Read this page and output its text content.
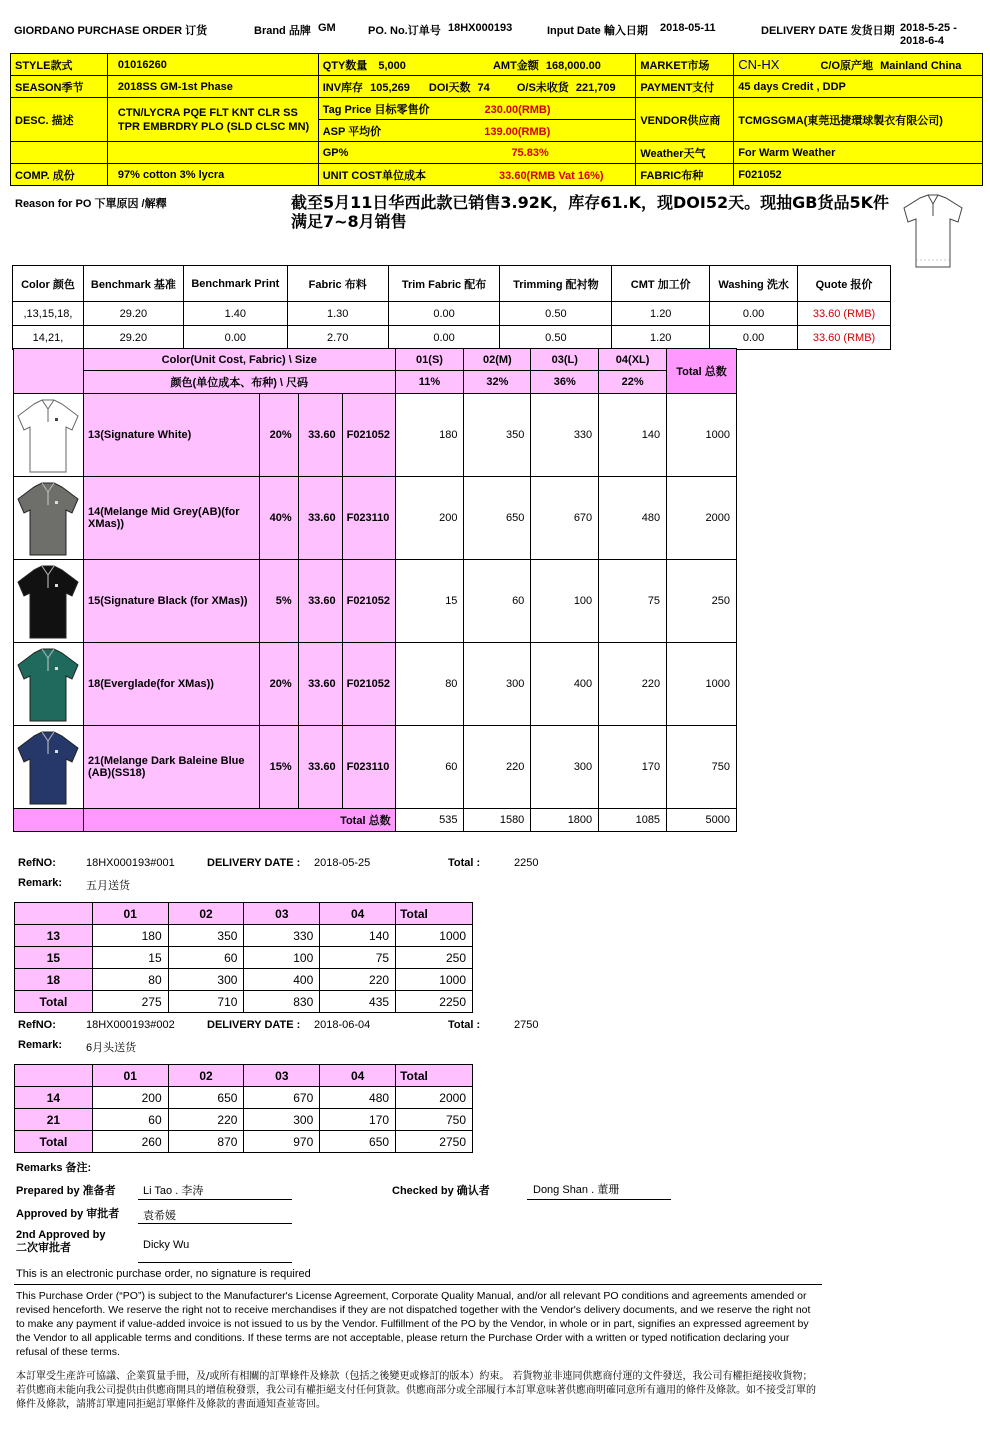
GIORDANO PURCHASE ORDER 订货	Brand 品牌 GM	PO. No.订单号 18HX000193	Input Date 輸入日期 2018-05-11	DELIVERY DATE 发货日期 2018-5-25 -
2018-6-4
STYLE款式	01016260	QTY数量 5,000 AMT金额 168,000.00	MARKET市场	CN-HX C/O原产地 Mainland China
SEASON季节	2018SS GM-1st Phase	INV库存 105,269 DOI天数 74 O/S未收货 221,709	PAYMENT支付	45 days Credit , DDP
DESC. 描述	CTN/LYCRA PQE FLT KNT CLR SS TPR EMBRDRY PLO (SLD CLSC MN)	Tag Price 目标零售价 230.00(RMB)	VENDOR供应商	TCMGSGMA(東莞迅捷環球製衣有限公司)
		ASP 平均价 139.00(RMB)		
		GP% 75.83%	Weather天气	For Warm Weather
COMP. 成份	97% cotton 3% lycra	UNIT COST单位成本 33.60(RMB Vat 16%)	FABRIC布种	F021052
Reason for PO 下單原因 /解釋	截至5月11日华西此款已销售3.92K，库存61.K，现DOI52天。现抽GB货品5K件
满足7~8月销售
Color 颜色	Benchmark 基准	Benchmark Print	Fabric 布料	Trim Fabric 配布	Trimming 配衬物	CMT 加工价	Washing 洗水	Quote 报价
,13,15,18,	29.20	1.40	1.30	0.00	0.50	1.20	0.00	33.60 (RMB)
14,21,	29.20	0.00	2.70	0.00	0.50	1.20	0.00	33.60 (RMB)
	Color(Unit Cost, Fabric) \ Size				01(S)	02(M)	03(L)	04(XL)	Total 总数
	颜色(单位成本、布种) \ 尺码				11%	32%	36%	22%	

	13(Signature White)	20%	33.60	F021052	180	350	330	140	1000

	14(Melange Mid Grey(AB)(for XMas))	40%	33.60	F023110	200	650	670	480	2000

	15(Signature Black (for XMas))	5%	33.60	F021052	15	60	100	75	250

	18(Everglade(for XMas))	20%	33.60	F021052	80	300	400	220	1000

	21(Melange Dark Baleine Blue (AB)(SS18)	15%	33.60	F023110	60	220	300	170	750
	Total 总数				535	1580	1800	1085	5000
RefNO:	18HX000193#001	DELIVERY DATE : 2018-05-25	Total :	2250
Remark: 五月送货
	01	02	03	04	Total
13	180	350	330	140	1000
15	15	60	100	75	250
18	80	300	400	220	1000
Total	275	710	830	435	2250
RefNO:	18HX000193#002	DELIVERY DATE : 2018-06-04	Total :	2750
Remark: 6月头送货
	01	02	03	04	Total
14	200	650	670	480	2000
21	60	220	300	170	750
Total	260	870	970	650	2750
Remarks 备注:
Prepared by 准备者 Li Tao . 李涛	Checked by 确认者	Dong Shan . 董珊
Approved by 审批者 袁希媛
2nd Approved by
二次审批者	Dicky Wu
This is an electronic purchase order, no signature is required
This Purchase Order (“PO”) is subject to the Manufacturer's License Agreement, Corporate Quality Manual, and/or all relevant PO conditions and agreements amended or revised henceforth. We reserve the right not to receive merchandises if they are not dispatched together with the Vendor's delivery documents, and we reserve the right not to make any payment if value-added invoice is not issued to us by the Vendor. Fulfillment of the PO by the Vendor, in whole or in part, signifies an expressed agreement by the Vendor to all applicable terms and conditions. If these terms are not acceptable, please return the Purchase Order with a written or typed notification declaring your refusal of these terms.
本訂單受生產許可協議、企業質量手冊，及/或所有相關的訂單條件及條款（包括之後變更或修訂的版本）約束。 若貨物並非連同供應商付運的文件發送，我公司有權拒絕接收貨物；若供應商未能向我公司提供由供應商開具的增值稅發票，我公司有權拒絕支付任何貨款。供應商部分或全部履行本訂單意味著供應商明確同意所有適用的條件及條款。如不接受訂單的條件及條款，請將訂單連同拒絕訂單條件及條款的書面通知查並寄回。
